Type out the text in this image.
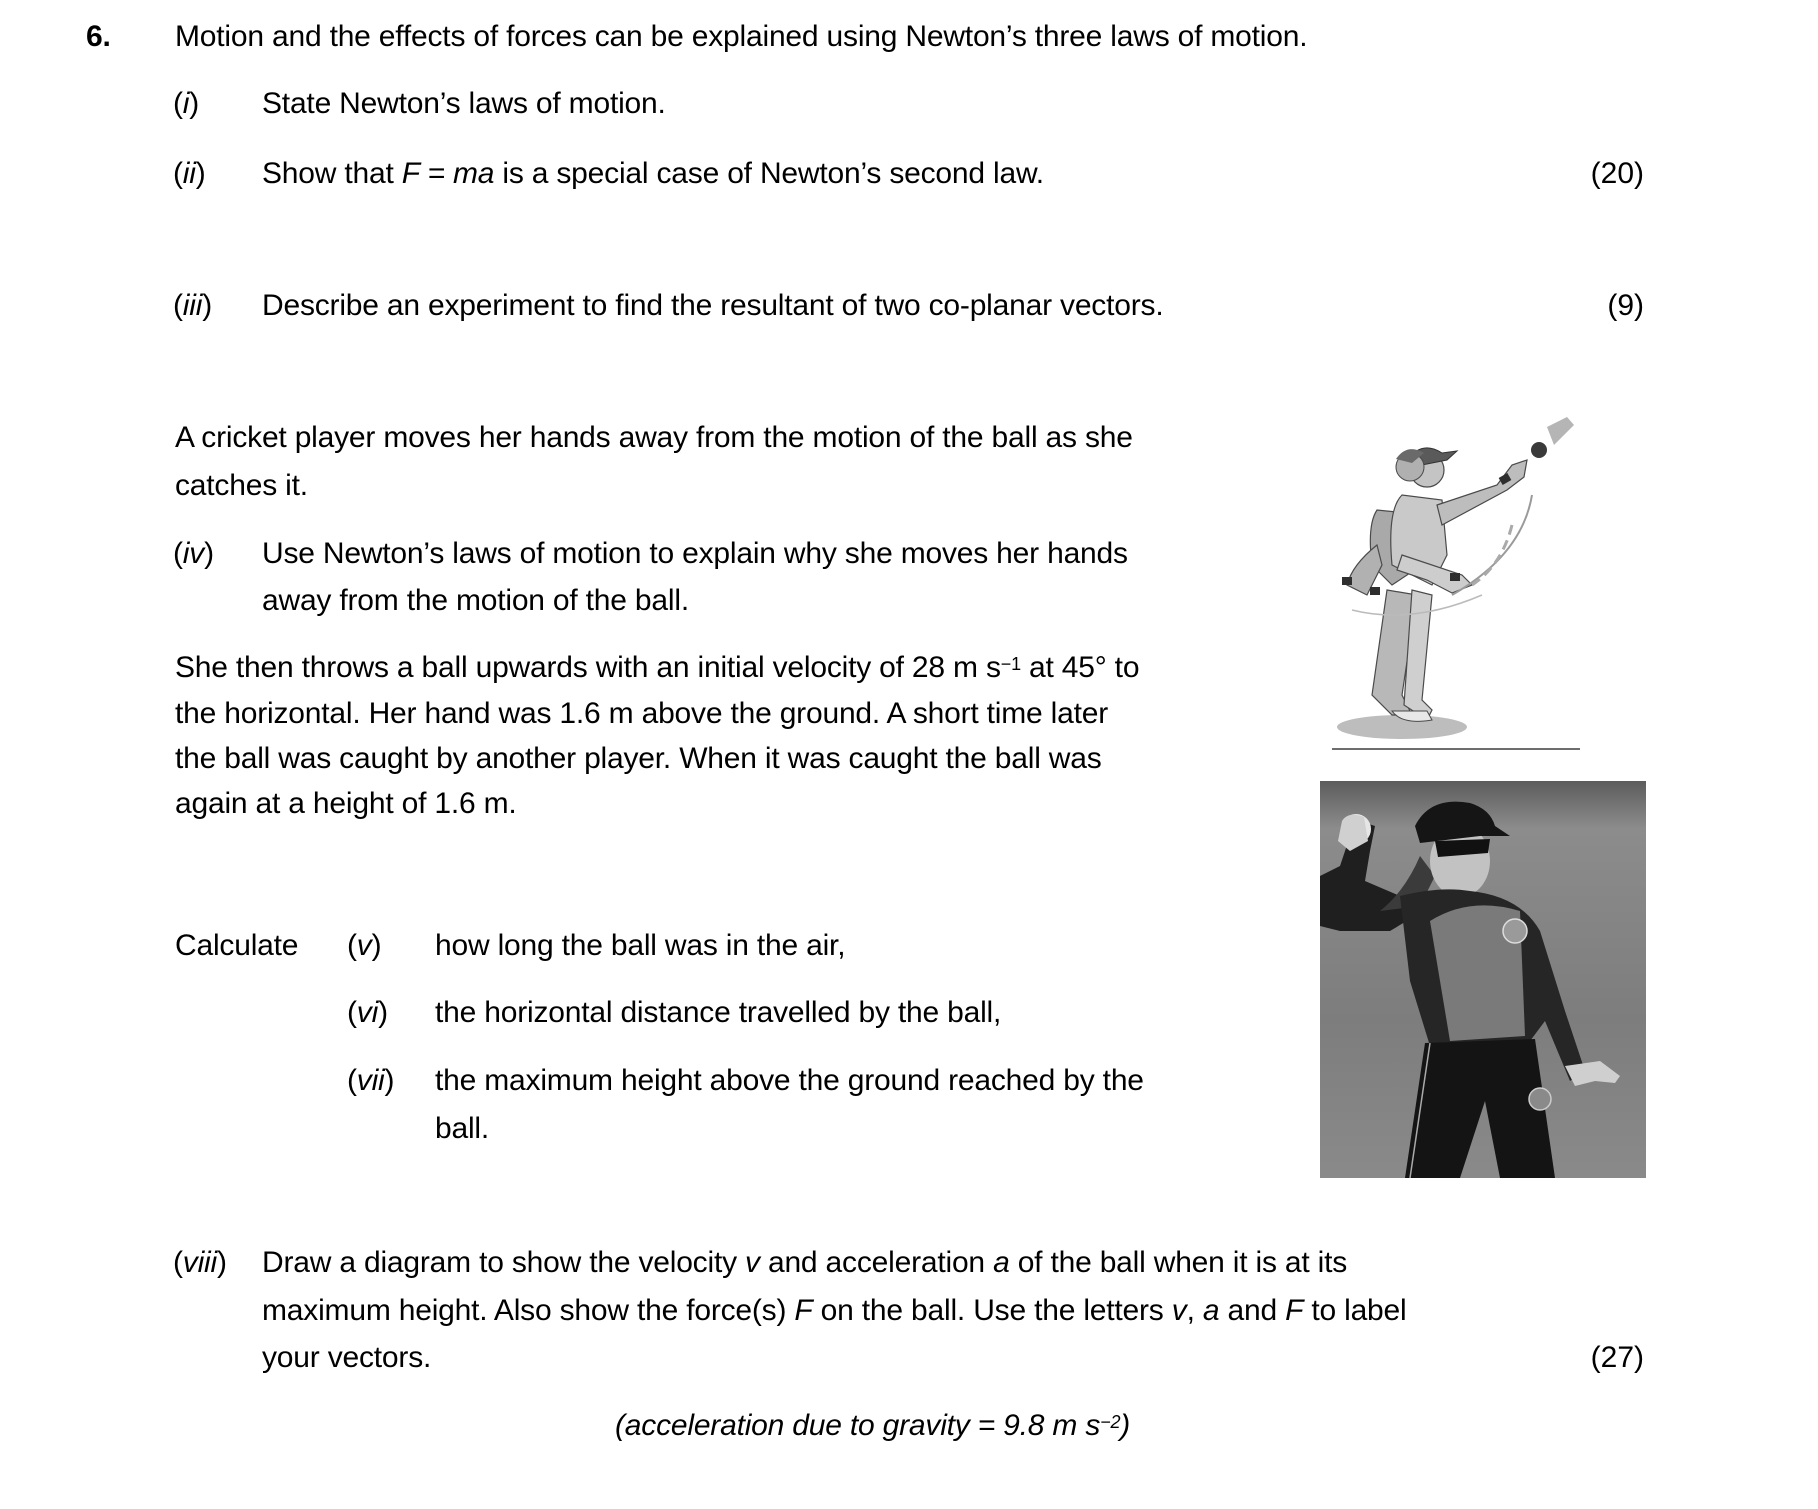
6. Motion and the effects of forces can be explained using Newton’s three laws of motion.
(i) State Newton’s laws of motion.
(ii) Show that F = ma is a special case of Newton’s second law.	(20)
(iii) Describe an experiment to find the resultant of two co-planar vectors.	(9)
A cricket player moves her hands away from the motion of the ball as she
catches it.
(iv) Use Newton’s laws of motion to explain why she moves her hands
away from the motion of the ball.
She then throws a ball upwards with an initial velocity of 28 m $s^{-1}$ at 45° to
the horizontal. Her hand was 1.6 m above the ground. A short time later
the ball was caught by another player. When it was caught the ball was
again at a height of 1.6 m.
Calculate (v) how long the ball was in the air,
(vi) the horizontal distance travelled by the ball,
(vii) the maximum height above the ground reached by the
ball.
(viii) Draw a diagram to show the velocity v and acceleration a of the ball when it is at its
maximum height. Also show the force(s) F on the ball. Use the letters v, a and F to label
your vectors.	(27)
(acceleration due to gravity = 9.8 m $s^{-2}$)
